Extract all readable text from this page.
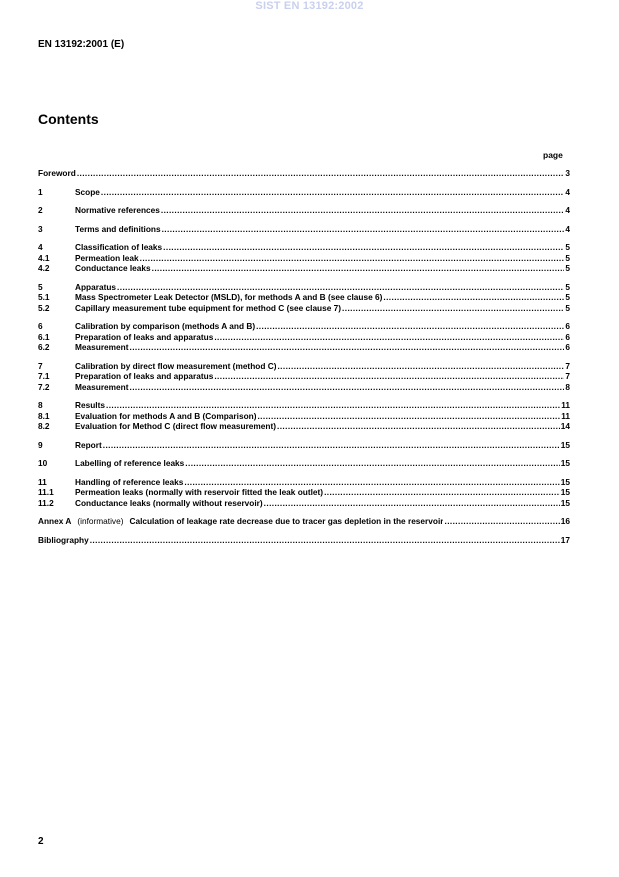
SIST EN 13192:2002
EN 13192:2001 (E)
Contents
page
Foreword .....	3
1	Scope .....	4
2	Normative references .....	4
3	Terms and definitions .....	4
4	Classification of leaks .....	5
4.1	Permeation leak .....	5
4.2	Conductance leaks .....	5
5	Apparatus .....	5
5.1	Mass Spectrometer Leak Detector (MSLD), for methods A and B (see clause 6) .....	5
5.2	Capillary measurement tube equipment for method C (see clause 7) .....	5
6	Calibration by comparison (methods A and B) .....	6
6.1	Preparation of leaks and apparatus .....	6
6.2	Measurement .....	6
7	Calibration by direct flow measurement (method C) .....	7
7.1	Preparation of leaks and apparatus .....	7
7.2	Measurement .....	8
8	Results .....	11
8.1	Evaluation for methods A and B (Comparison) .....	11
8.2	Evaluation for Method C (direct flow measurement) .....	14
9	Report .....	15
10	Labelling of reference leaks .....	15
11	Handling of reference leaks .....	15
11.1	Permeation leaks (normally with reservoir fitted the leak outlet) .....	15
11.2	Conductance leaks (normally without reservoir) .....	15
Annex A (informative) Calculation of leakage rate decrease due to tracer gas depletion in the reservoir .....	16
Bibliography .....	17
2
